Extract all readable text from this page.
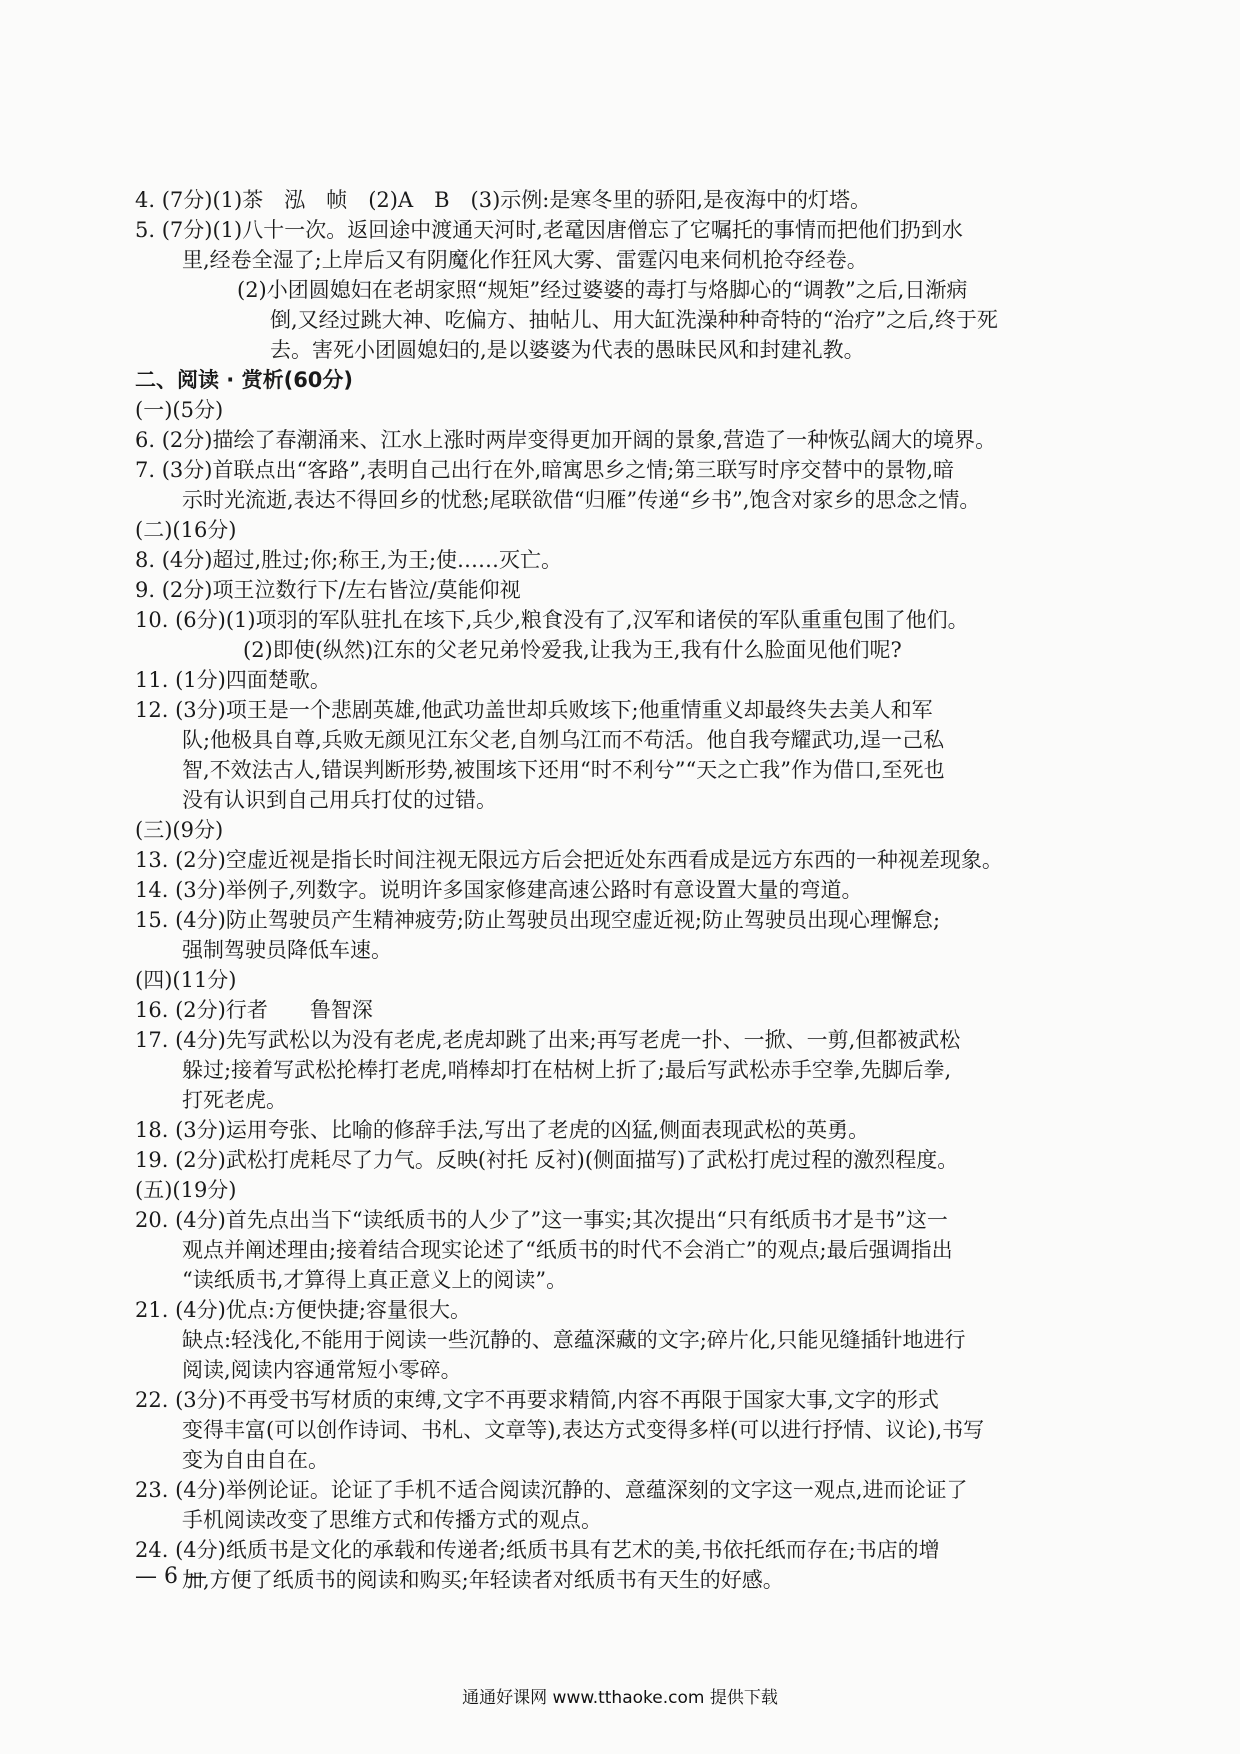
4. (7分)(1)茶　泓　帧　(2)A　B　(3)示例:是寒冬里的骄阳,是夜海中的灯塔。
5. (7分)(1)八十一次。返回途中渡通天河时,老鼋因唐僧忘了它嘱托的事情而把他们扔到水
里,经卷全湿了;上岸后又有阴魔化作狂风大雾、雷霆闪电来伺机抢夺经卷。
(2)小团圆媳妇在老胡家照“规矩”经过婆婆的毒打与烙脚心的“调教”之后,日渐病
倒,又经过跳大神、吃偏方、抽帖儿、用大缸洗澡种种奇特的“治疗”之后,终于死
去。害死小团圆媳妇的,是以婆婆为代表的愚昧民风和封建礼教。
二、阅读 · 赏析(60分)
(一)(5分)
6. (2分)描绘了春潮涌来、江水上涨时两岸变得更加开阔的景象,营造了一种恢弘阔大的境界。
7. (3分)首联点出“客路”,表明自己出行在外,暗寓思乡之情;第三联写时序交替中的景物,暗
示时光流逝,表达不得回乡的忧愁;尾联欲借“归雁”传递“乡书”,饱含对家乡的思念之情。
(二)(16分)
8. (4分)超过,胜过;你;称王,为王;使……灭亡。
9. (2分)项王泣数行下/左右皆泣/莫能仰视
10. (6分)(1)项羽的军队驻扎在垓下,兵少,粮食没有了,汉军和诸侯的军队重重包围了他们。
(2)即使(纵然)江东的父老兄弟怜爱我,让我为王,我有什么脸面见他们呢?
11. (1分)四面楚歌。
12. (3分)项王是一个悲剧英雄,他武功盖世却兵败垓下;他重情重义却最终失去美人和军
队;他极具自尊,兵败无颜见江东父老,自刎乌江而不苟活。他自我夸耀武功,逞一己私
智,不效法古人,错误判断形势,被围垓下还用“时不利兮”“天之亡我”作为借口,至死也
没有认识到自己用兵打仗的过错。
(三)(9分)
13. (2分)空虚近视是指长时间注视无限远方后会把近处东西看成是远方东西的一种视差现象。
14. (3分)举例子,列数字。说明许多国家修建高速公路时有意设置大量的弯道。
15. (4分)防止驾驶员产生精神疲劳;防止驾驶员出现空虚近视;防止驾驶员出现心理懈怠;
强制驾驶员降低车速。
(四)(11分)
16. (2分)行者　　鲁智深
17. (4分)先写武松以为没有老虎,老虎却跳了出来;再写老虎一扑、一掀、一剪,但都被武松
躲过;接着写武松抡棒打老虎,哨棒却打在枯树上折了;最后写武松赤手空拳,先脚后拳,
打死老虎。
18. (3分)运用夸张、比喻的修辞手法,写出了老虎的凶猛,侧面表现武松的英勇。
19. (2分)武松打虎耗尽了力气。反映(衬托 反衬)(侧面描写)了武松打虎过程的激烈程度。
(五)(19分)
20. (4分)首先点出当下“读纸质书的人少了”这一事实;其次提出“只有纸质书才是书”这一
观点并阐述理由;接着结合现实论述了“纸质书的时代不会消亡”的观点;最后强调指出
“读纸质书,才算得上真正意义上的阅读”。
21. (4分)优点:方便快捷;容量很大。
缺点:轻浅化,不能用于阅读一些沉静的、意蕴深藏的文字;碎片化,只能见缝插针地进行
阅读,阅读内容通常短小零碎。
22. (3分)不再受书写材质的束缚,文字不再要求精简,内容不再限于国家大事,文字的形式
变得丰富(可以创作诗词、书札、文章等),表达方式变得多样(可以进行抒情、议论),书写
变为自由自在。
23. (4分)举例论证。论证了手机不适合阅读沉静的、意蕴深刻的文字这一观点,进而论证了
手机阅读改变了思维方式和传播方式的观点。
24. (4分)纸质书是文化的承载和传递者;纸质书具有艺术的美,书依托纸而存在;书店的增
加,方便了纸质书的阅读和购买;年轻读者对纸质书有天生的好感。
— 6 —
通通好课网 www.tthaoke.com 提供下载
